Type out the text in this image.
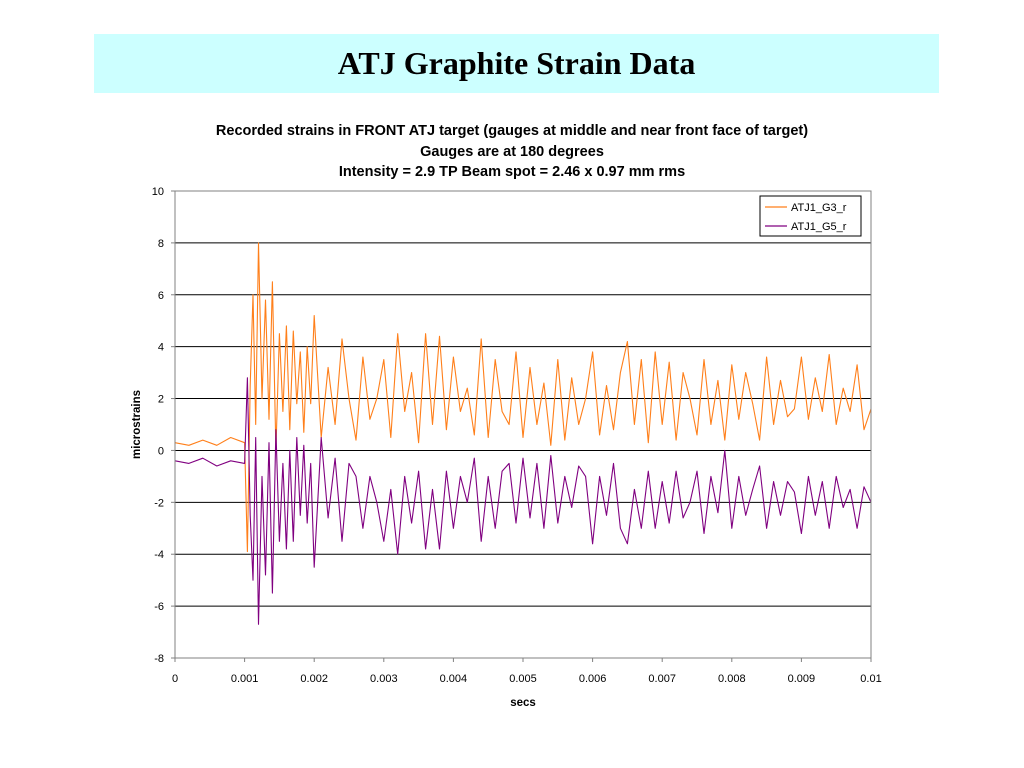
ATJ Graphite Strain Data
Recorded strains in FRONT ATJ target (gauges at middle and near front face of target)
Gauges are at 180 degrees
Intensity = 2.9 TP Beam spot = 2.46 x 0.97 mm rms
0	0.001	0.002	0.003	0.004	0.005	0.006	0.007	0.008	0.009	0.01
-8
-6
-4
-2
0
2
4
6
8
10
microstrains
secs
ATJ1_G3_r
ATJ1_G5_r
